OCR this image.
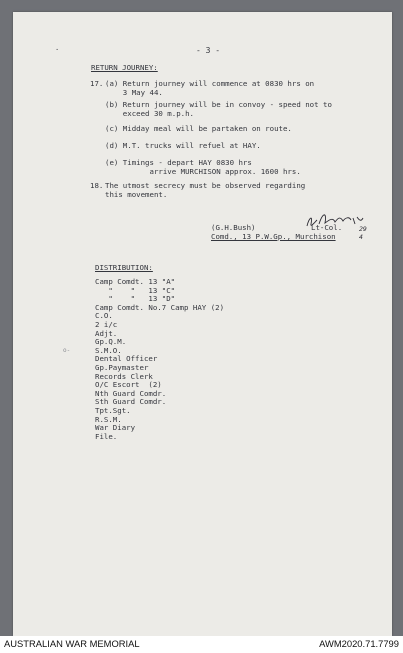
·	- 3 -
RETURN JOURNEY:
17. (a) Return journey will commence at 0830 hrs on
3 May 44.
(b) Return journey will be in convoy - speed not to
exceed 30 m.p.h.
(c) Midday meal will be partaken on route.
(d) M.T. trucks will refuel at HAY.
(e) Timings - depart HAY 0830 hrs
arrive MURCHISON approx. 1600 hrs.
18. The utmost secrecy must be observed regarding
this movement.
(G.H.Bush)	Lt-Col.
Comd., 13 P.W.Gp., Murchison
29
4
DISTRIBUTION:
Camp Comdt. 13 "A"
"    "   13 "C"
"    "   13 "D"
Camp Comdt. No.7 Camp HAY (2)
C.O.
2 i/c
Adjt.
Gp.Q.M.
S.M.O.
Dental Officer
Gp.Paymaster
Records Clerk
O/C Escort  (2)
Nth Guard Comdr.
Sth Guard Comdr.
Tpt.Sgt.
R.S.M.
War Diary
File.
o-
AUSTRALIAN WAR MEMORIAL	AWM2020.71.7799
